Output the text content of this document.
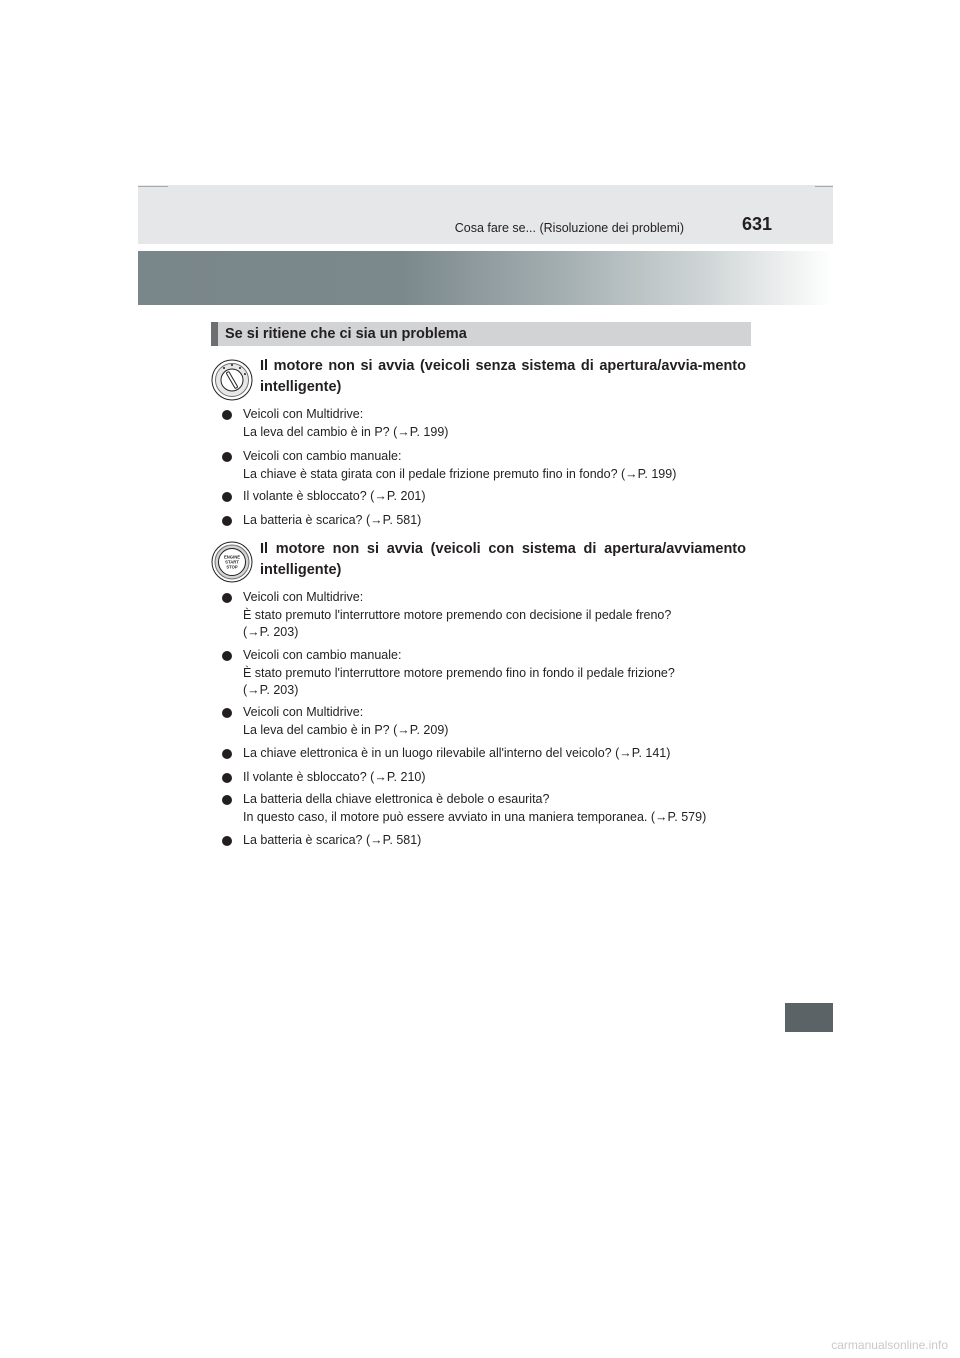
Cosa fare se... (Risoluzione dei problemi)	631
Se si ritiene che ci sia un problema
Il motore non si avvia (veicoli senza sistema di apertura/avvia-mento intelligente)
Veicoli con Multidrive:
La leva del cambio è in P? (→P. 199)
Veicoli con cambio manuale:
La chiave è stata girata con il pedale frizione premuto fino in fondo? (→P. 199)
Il volante è sbloccato? (→P. 201)
La batteria è scarica? (→P. 581)
ENGINE
START
STOP
Il motore non si avvia (veicoli con sistema di apertura/avviamento intelligente)
Veicoli con Multidrive:
È stato premuto l'interruttore motore premendo con decisione il pedale freno?
(→P. 203)
Veicoli con cambio manuale:
È stato premuto l'interruttore motore premendo fino in fondo il pedale frizione?
(→P. 203)
Veicoli con Multidrive:
La leva del cambio è in P? (→P. 209)
La chiave elettronica è in un luogo rilevabile all'interno del veicolo? (→P. 141)
Il volante è sbloccato? (→P. 210)
La batteria della chiave elettronica è debole o esaurita?
In questo caso, il motore può essere avviato in una maniera temporanea. (→P. 579)
La batteria è scarica? (→P. 581)
carmanualsonline.info
